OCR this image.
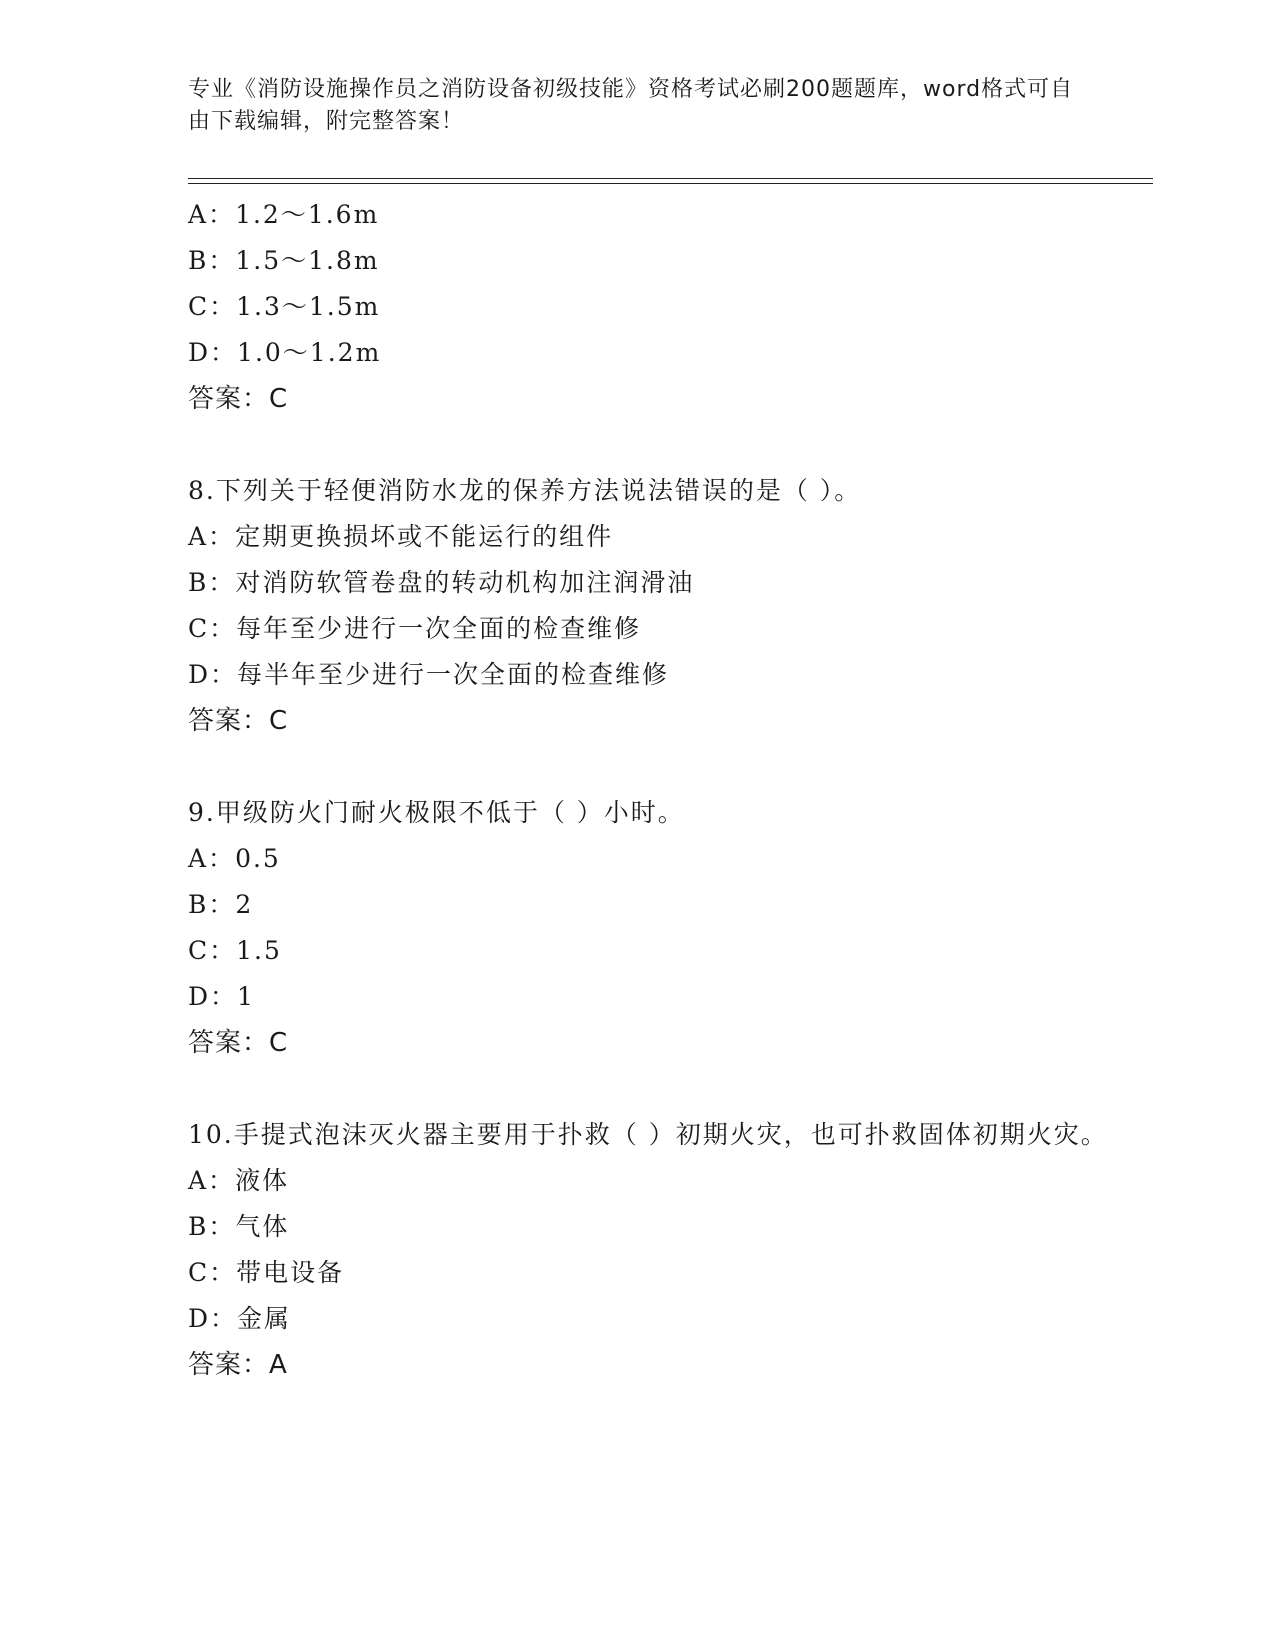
专业《消防设施操作员之消防设备初级技能》资格考试必刷200题题库，word格式可自由下载编辑，附完整答案！
A：1.2～1.6m
B：1.5～1.8m
C：1.3～1.5m
D：1.0～1.2m
答案：C
8.下列关于轻便消防水龙的保养方法说法错误的是（ ）。
A：定期更换损坏或不能运行的组件
B：对消防软管卷盘的转动机构加注润滑油
C：每年至少进行一次全面的检查维修
D：每半年至少进行一次全面的检查维修
答案：C
9.甲级防火门耐火极限不低于（ ）小时。
A：0.5
B：2
C：1.5
D：1
答案：C
10.手提式泡沫灭火器主要用于扑救（ ）初期火灾，也可扑救固体初期火灾。
A：液体
B：气体
C：带电设备
D：金属
答案：A
